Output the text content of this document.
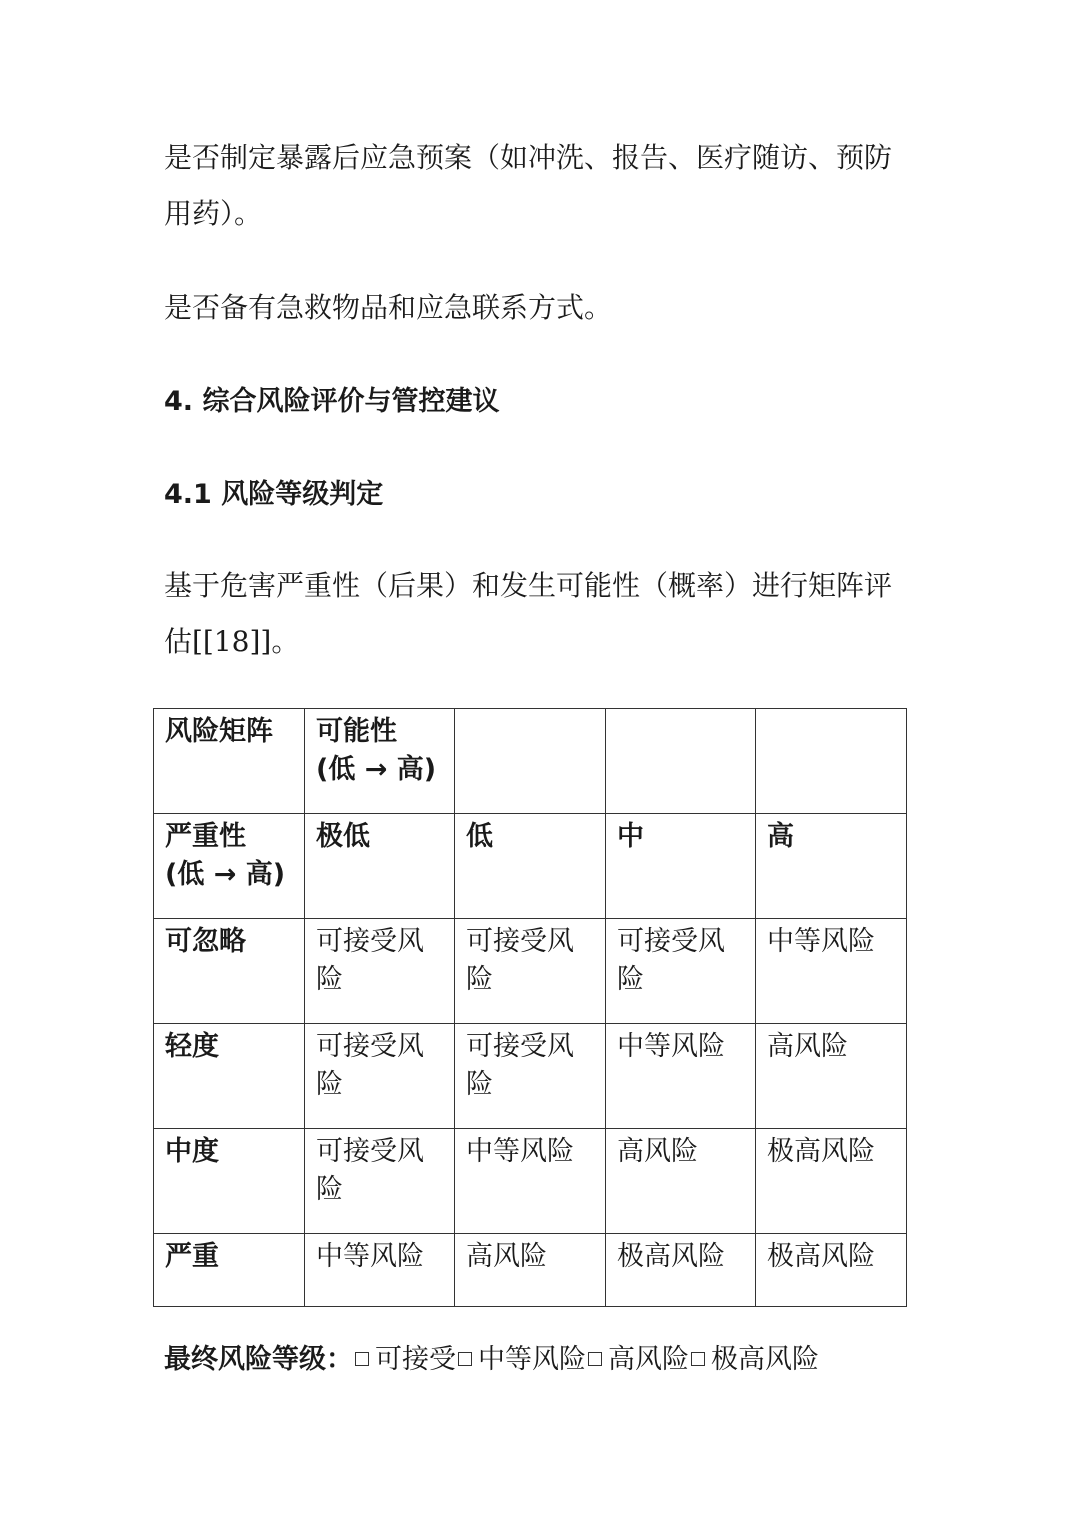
是否制定暴露后应急预案（如冲洗、报告、医疗随访、预防用药）。

是否备有急救物品和应急联系方式。

4. 综合风险评价与管控建议
4.1 风险等级判定

基于危害严重性（后果）和发生可能性（概率）进行矩阵评估[[18]]。

风险矩阵	可能性
(低 → 高)			
严重性
(低 → 高)	极低	低	中	高
可忽略	可接受风险	可接受风险	可接受风险	中等风险
轻度	可接受风险	可接受风险	中等风险	高风险
中度	可接受风险	中等风险	高风险	极高风险
严重	中等风险	高风险	极高风险	极高风险

最终风险等级： 可接受 中等风险 高风险 极高风险
